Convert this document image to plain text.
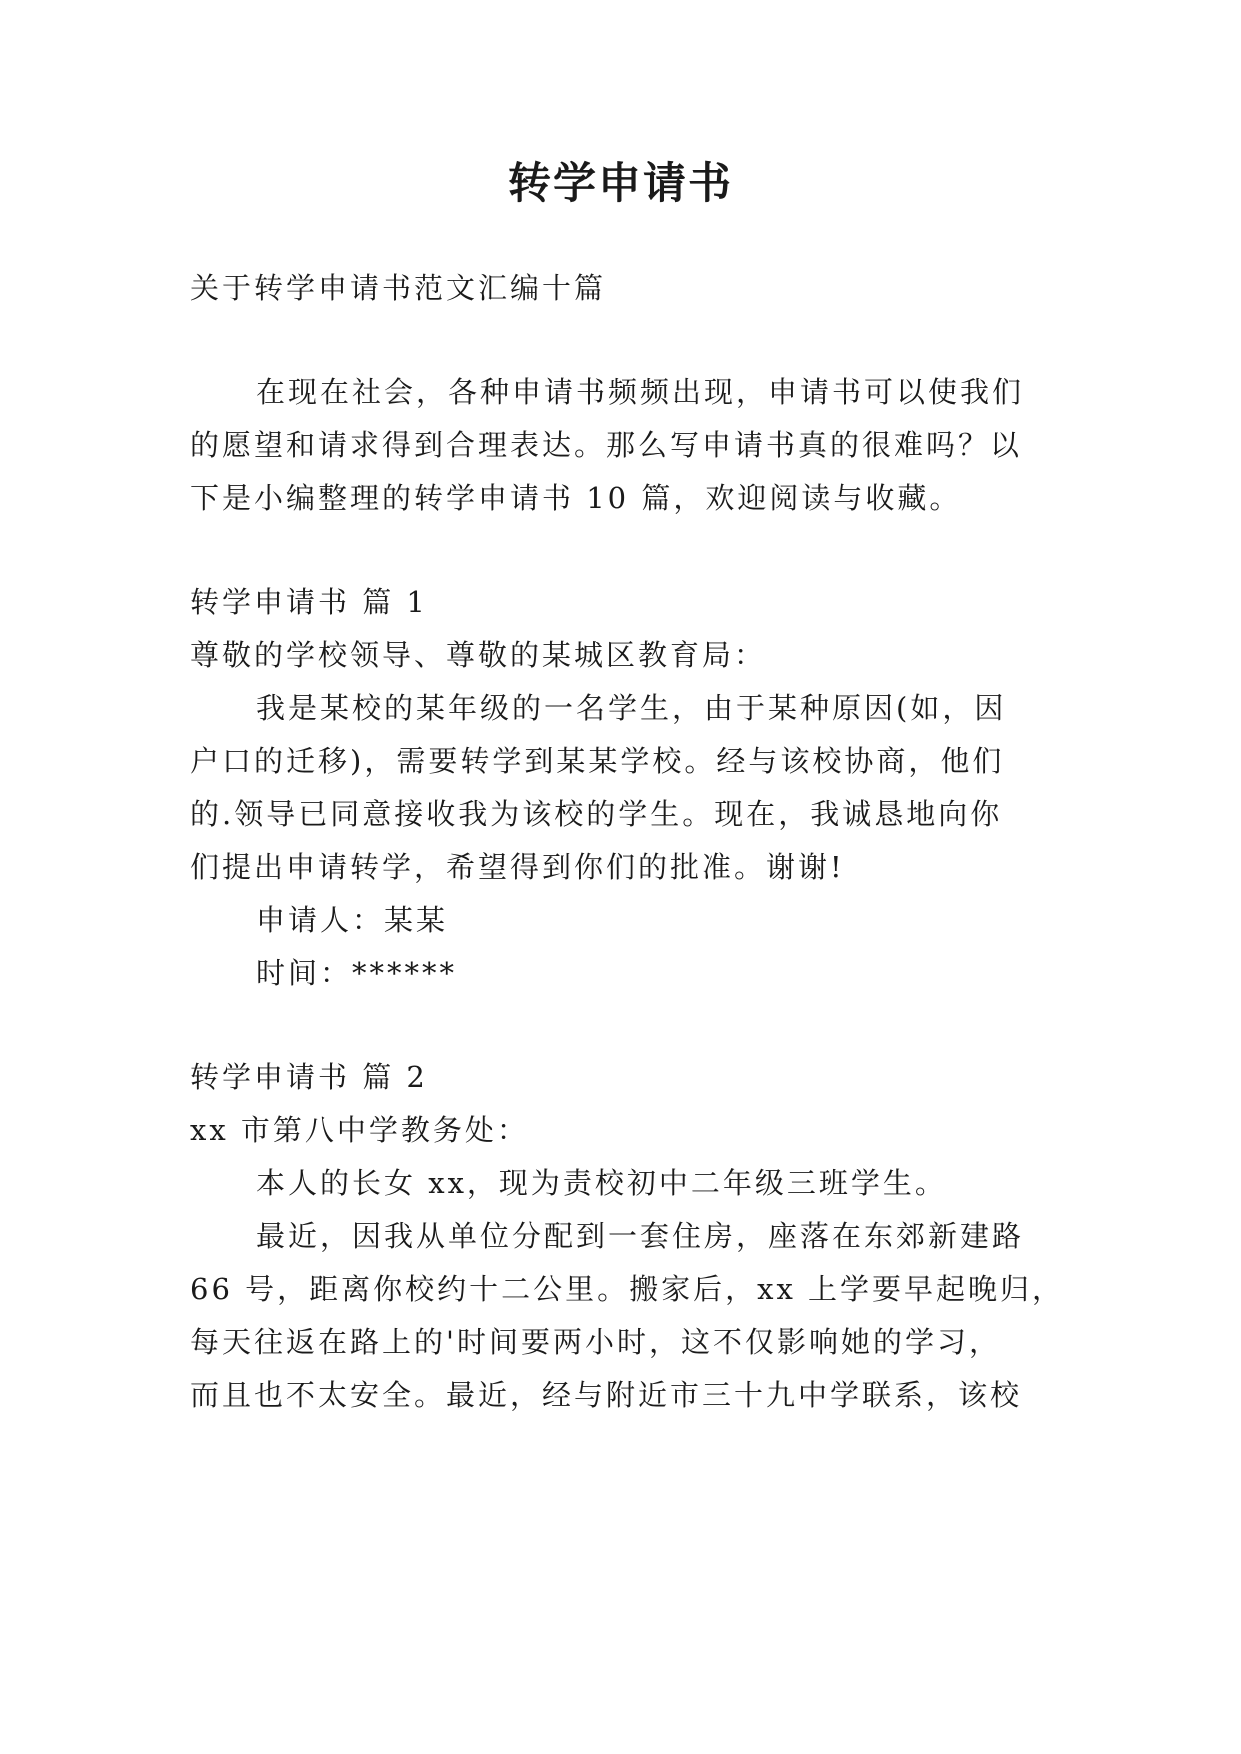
转学申请书

关于转学申请书范文汇编十篇

在现在社会，各种申请书频频出现，申请书可以使我们

的愿望和请求得到合理表达。那么写申请书真的很难吗？以

下是小编整理的转学申请书 10 篇，欢迎阅读与收藏。

转学申请书 篇 1

尊敬的学校领导、尊敬的某城区教育局：

我是某校的某年级的一名学生，由于某种原因(如，因

户口的迁移)，需要转学到某某学校。经与该校协商，他们

的.领导已同意接收我为该校的学生。现在，我诚恳地向你

们提出申请转学，希望得到你们的批准。谢谢!

申请人：某某

时间：******

转学申请书 篇 2

xx 市第八中学教务处：

本人的长女 xx，现为责校初中二年级三班学生。

最近，因我从单位分配到一套住房，座落在东郊新建路

66 号，距离你校约十二公里。搬家后，xx 上学要早起晚归，

每天往返在路上的'时间要两小时，这不仅影响她的学习，

而且也不太安全。最近，经与附近市三十九中学联系，该校
